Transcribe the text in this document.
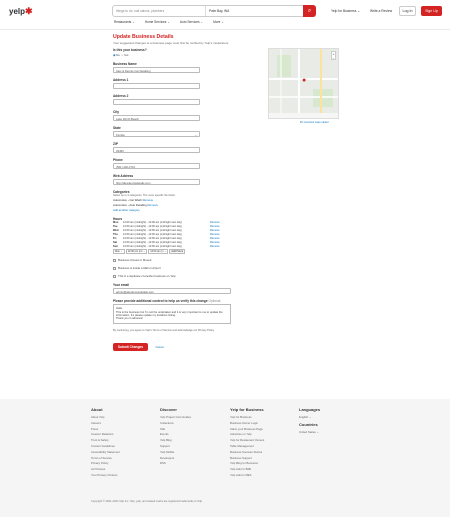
yelp✱	things to do, nail salons, plumbers	Palm Bay, WA	⌕
Restaurants ⌄	Home Services ⌄	Auto Services ⌄	More ⌄
Yelp for Business ⌄	Write a Review	Log In	Sign Up
Update Business Details
Your suggested changes to a business page must first be verified by Yelp's moderators.
Is this your business?
◉ No ○ Yes
Business Name
Alex & Dennis Car Detailing
Address 1
Address 2
City
Lake Worth Beach
State
Florida	⌄
ZIP
33460
Phone
(561) 440-4710
Web Address
http://alexdennisdetails.com
Categories
Select up to 3 categories. The more specific the better.
Automotive › Car Wash Remove
Automotive › Auto Detailing Remove
Add another category
Hours
Mon	12:00 am (midnight) - 12:00 am (midnight next day)	Remove
Tue	12:00 am (midnight) - 12:00 am (midnight next day)	Remove
Wed	12:00 am (midnight) - 12:00 am (midnight next day)	Remove
Thu	12:00 am (midnight) - 12:00 am (midnight next day)	Remove
Fri	12:00 am (midnight) - 12:00 am (midnight next day)	Remove
Sat	12:00 am (midnight) - 12:00 am (midnight next day)	Remove
Sun	12:00 am (midnight) - 12:00 am (midnight next day)	Remove
Mon ⌄ 12:00 pm (no ⌄ 12:00 am (n ⌄ Add Hours
Business Closed or Moved
Business is inside a Mall or Airport
This is a duplicate of another business on Yelp
Your email
admin@alexdennisdetails.com
Please provide additional context to help us verify this change Optional
Hello,
This is the business but I'm not the undertaker and it is very important to me to update the information. It's please update my locations listing.
Thank you in advance!
By continuing, you agree to Yelp's Terms of Service and acknowledge our Privacy Policy.
Submit Changes	Cancel
●
+
−
Fix incorrect map marker
About
About Yelp
Careers
Press
Investor Relations
Trust & Safety
Content Guidelines
Accessibility Statement
Terms of Service
Privacy Policy
Ad Choices
Your Privacy Choices
Discover
Yelp Project Cost Guides
Collections
Talk
Events
Yelp Blog
Support
Yelp Mobile
Developers
RSS
Yelp for Business
Yelp for Business
Business Owner Login
Claim your Business Page
Advertise on Yelp
Yelp for Restaurant Owners
Table Management
Business Success Stories
Business Support
Yelp Blog for Business
Yelp Ads for B2B
Yelp Ads for RES
Languages
English ⌄
Countries
United States ⌄
Copyright © 2004–2023 Yelp Inc. Yelp, yelp, and related marks are registered trademarks of Yelp.
